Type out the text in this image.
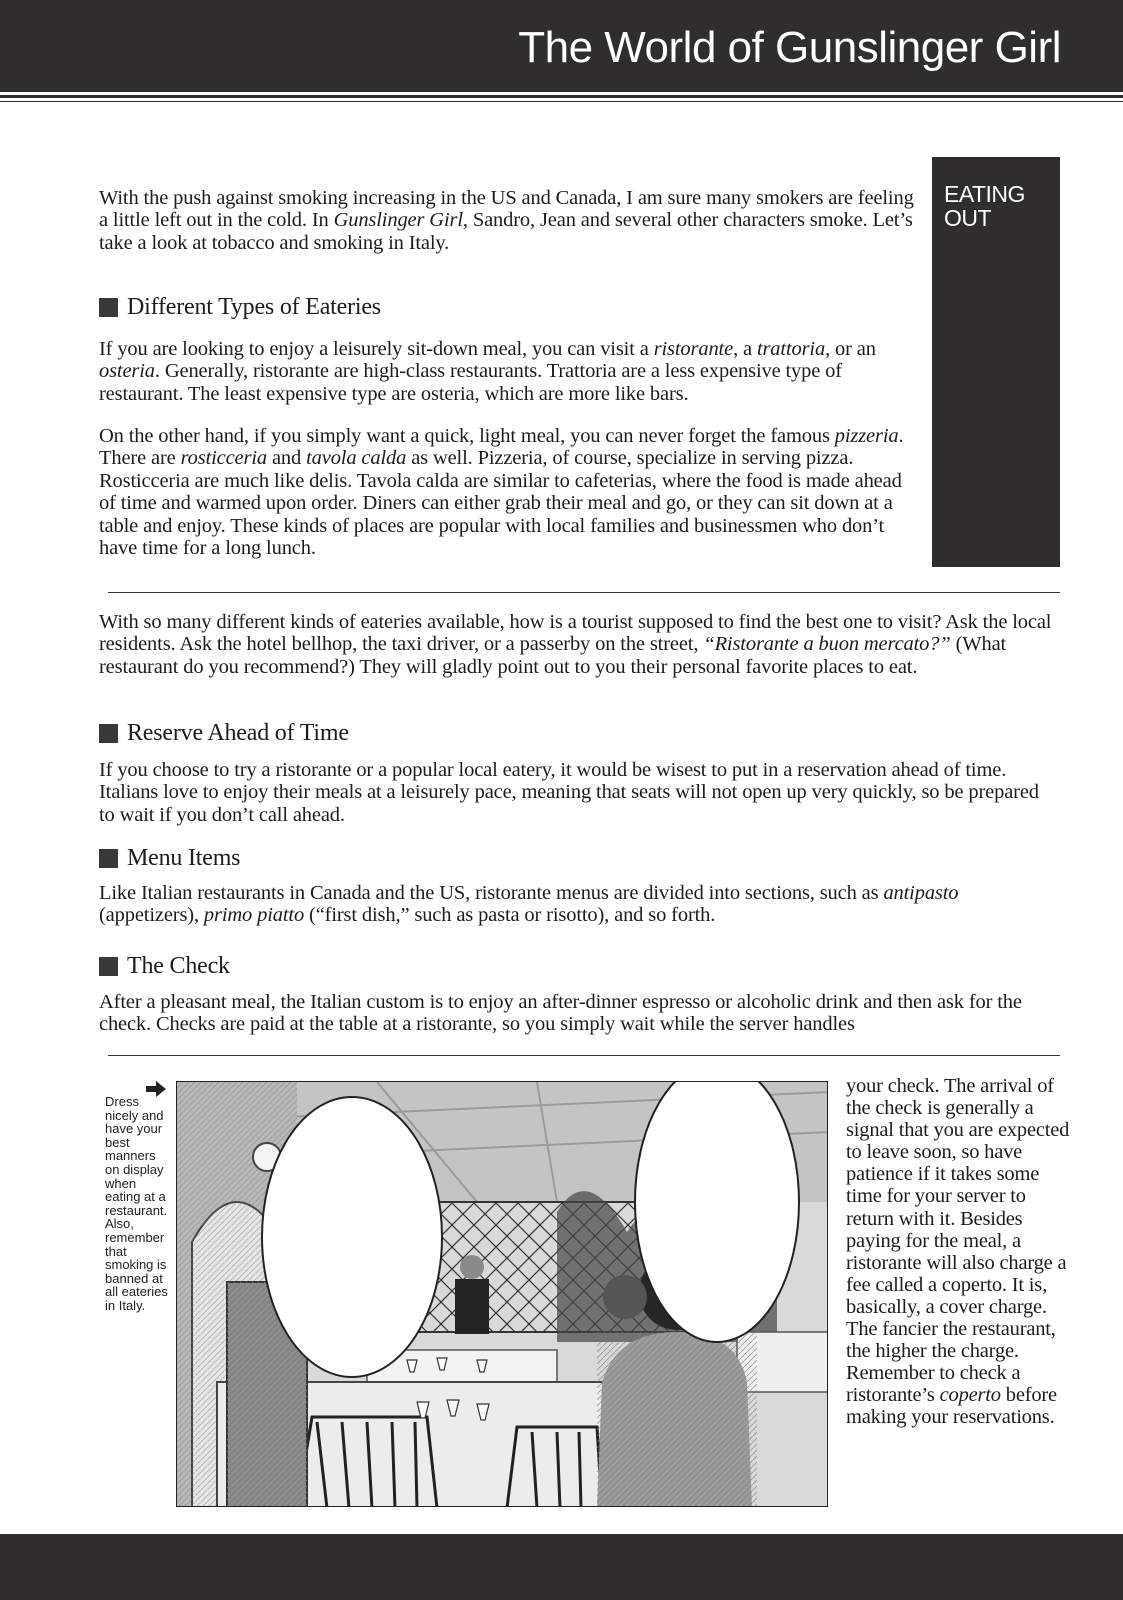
The World of Gunslinger Girl
EATING
OUT

With the push against smoking increasing in the US and Canada, I am sure many smokers are feeling a little left out in the cold. In Gunslinger Girl, Sandro, Jean and several other characters smoke. Let’s take a look at tobacco and smoking in Italy.

Different Types of Eateries

If you are looking to enjoy a leisurely sit-down meal, you can visit a ristorante, a trattoria, or an osteria. Generally, ristorante are high-class restaurants. Trattoria are a less expensive type of restaurant. The least expensive type are osteria, which are more like bars.

On the other hand, if you simply want a quick, light meal, you can never forget the famous pizzeria. There are rosticceria and tavola calda as well. Pizzeria, of course, specialize in serving pizza. Rosticceria are much like delis. Tavola calda are similar to cafeterias, where the food is made ahead of time and warmed upon order. Diners can either grab their meal and go, or they can sit down at a table and enjoy. These kinds of places are popular with local families and businessmen who don’t have time for a long lunch.

With so many different kinds of eateries available, how is a tourist supposed to find the best one to visit? Ask the local residents. Ask the hotel bellhop, the taxi driver, or a passerby on the street, “Ristorante a buon mercato?” (What restaurant do you recommend?) They will gladly point out to you their personal favorite places to eat.

Reserve Ahead of Time

If you choose to try a ristorante or a popular local eatery, it would be wisest to put in a reservation ahead of time. Italians love to enjoy their meals at a leisurely pace, meaning that seats will not open up very quickly, so be prepared to wait if you don’t call ahead.

Menu Items

Like Italian restaurants in Canada and the US, ristorante menus are divided into sections, such as antipasto (appetizers), primo piatto (“first dish,” such as pasta or risotto), and so forth.

The Check

After a pleasant meal, the Italian custom is to enjoy an after-dinner espresso or alcoholic drink and then ask for the check. Checks are paid at the table at a ristorante, so you simply wait while the server handles

Dress nicely and have your best manners on display when eating at a restaurant. Also, remember that smoking is banned at all eateries in Italy.

your check. The arrival of the check is generally a signal that you are expected to leave soon, so have patience if it takes some time for your server to return with it. Besides paying for the meal, a ristorante will also charge a fee called a coperto. It is, basically, a cover charge. The fancier the restaurant, the higher the charge. Remember to check a ristorante’s coperto before making your reservations.
